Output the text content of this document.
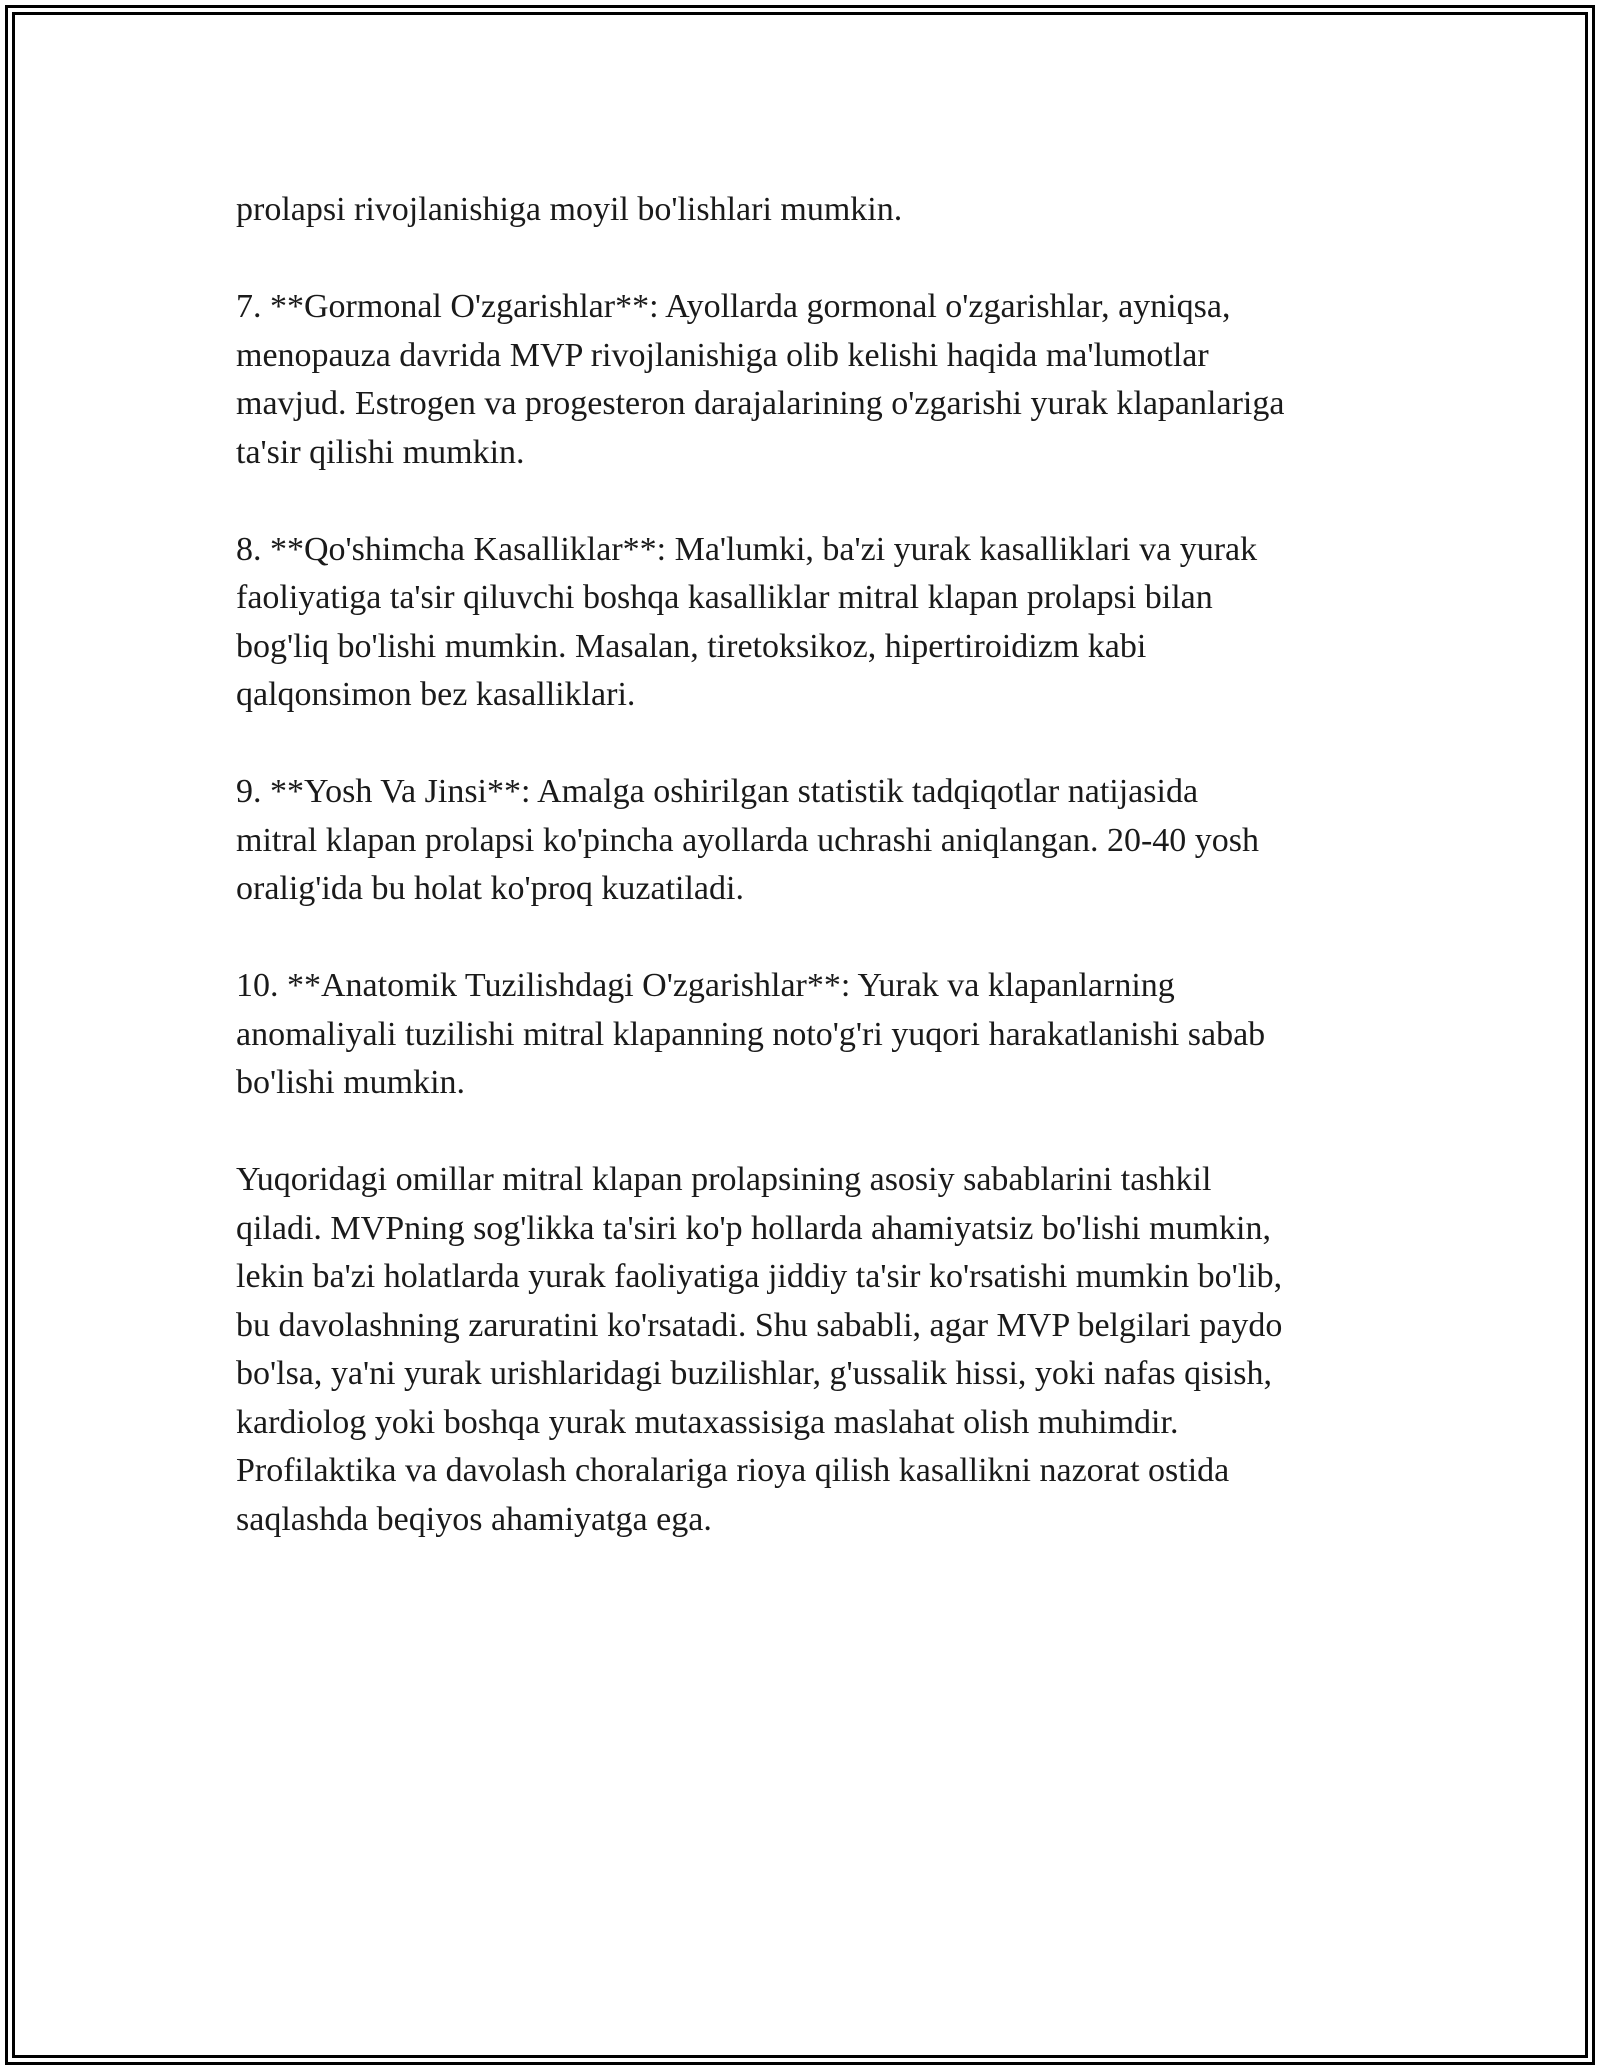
prolapsi rivojlanishiga moyil bo'lishlari mumkin.

7. **Gormonal O'zgarishlar**: Ayollarda gormonal o'zgarishlar, ayniqsa,
menopauza davrida MVP rivojlanishiga olib kelishi haqida ma'lumotlar
mavjud. Estrogen va progesteron darajalarining o'zgarishi yurak klapanlariga
ta'sir qilishi mumkin.

8. **Qo'shimcha Kasalliklar**: Ma'lumki, ba'zi yurak kasalliklari va yurak
faoliyatiga ta'sir qiluvchi boshqa kasalliklar mitral klapan prolapsi bilan
bog'liq bo'lishi mumkin. Masalan, tiretoksikoz, hipertiroidizm kabi
qalqonsimon bez kasalliklari.

9. **Yosh Va Jinsi**: Amalga oshirilgan statistik tadqiqotlar natijasida
mitral klapan prolapsi ko'pincha ayollarda uchrashi aniqlangan. 20-40 yosh
oralig'ida bu holat ko'proq kuzatiladi.

10. **Anatomik Tuzilishdagi O'zgarishlar**: Yurak va klapanlarning
anomaliyali tuzilishi mitral klapanning noto'g'ri yuqori harakatlanishi sabab
bo'lishi mumkin.

Yuqoridagi omillar mitral klapan prolapsining asosiy sabablarini tashkil
qiladi. MVPning sog'likka ta'siri ko'p hollarda ahamiyatsiz bo'lishi mumkin,
lekin ba'zi holatlarda yurak faoliyatiga jiddiy ta'sir ko'rsatishi mumkin bo'lib,
bu davolashning zaruratini ko'rsatadi. Shu sababli, agar MVP belgilari paydo
bo'lsa, ya'ni yurak urishlaridagi buzilishlar, g'ussalik hissi, yoki nafas qisish,
kardiolog yoki boshqa yurak mutaxassisiga maslahat olish muhimdir.
Profilaktika va davolash choralariga rioya qilish kasallikni nazorat ostida
saqlashda beqiyos ahamiyatga ega.
